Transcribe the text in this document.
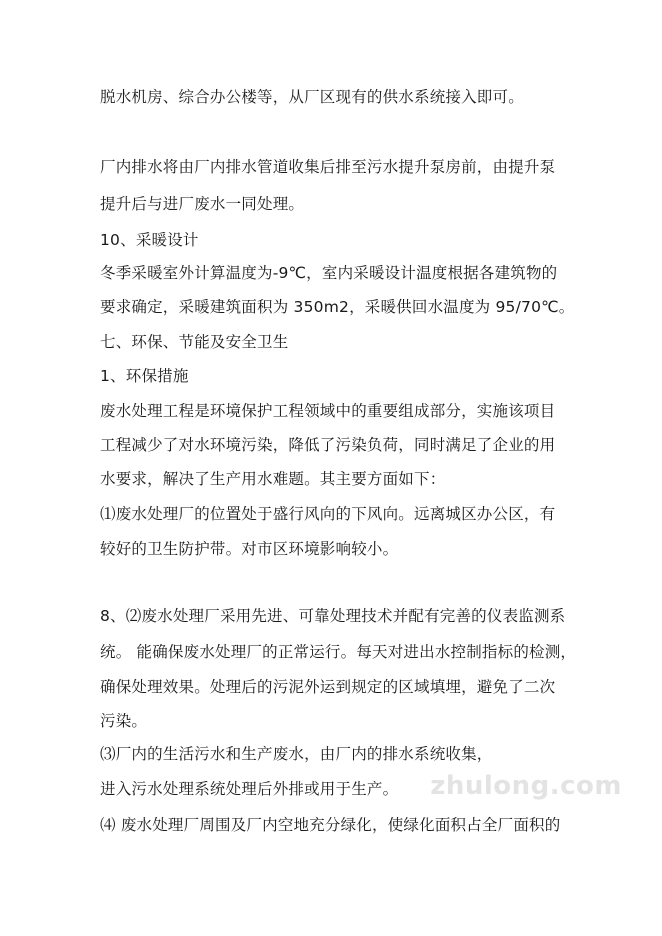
脱水机房、综合办公楼等，从厂区现有的供水系统接入即可。
厂内排水将由厂内排水管道收集后排至污水提升泵房前，由提升泵
提升后与进厂废水一同处理。
10、采暖设计
冬季采暖室外计算温度为-9℃，室内采暖设计温度根据各建筑物的
要求确定，采暖建筑面积为 350m2，采暖供回水温度为 95/70℃。
七、环保、节能及安全卫生
1、环保措施
废水处理工程是环境保护工程领域中的重要组成部分，实施该项目
工程减少了对水环境污染，降低了污染负荷，同时满足了企业的用
水要求，解决了生产用水难题。其主要方面如下：
⑴废水处理厂的位置处于盛行风向的下风向。远离城区办公区，有
较好的卫生防护带。对市区环境影响较小。
8、⑵废水处理厂采用先进、可靠处理技术并配有完善的仪表监测系
统。 能确保废水处理厂的正常运行。每天对进出水控制指标的检测，
确保处理效果。处理后的污泥外运到规定的区域填埋，避免了二次
污染。
⑶厂内的生活污水和生产废水，由厂内的排水系统收集，
进入污水处理系统处理后外排或用于生产。
⑷ 废水处理厂周围及厂内空地充分绿化，使绿化面积占全厂面积的
zhulong.com
